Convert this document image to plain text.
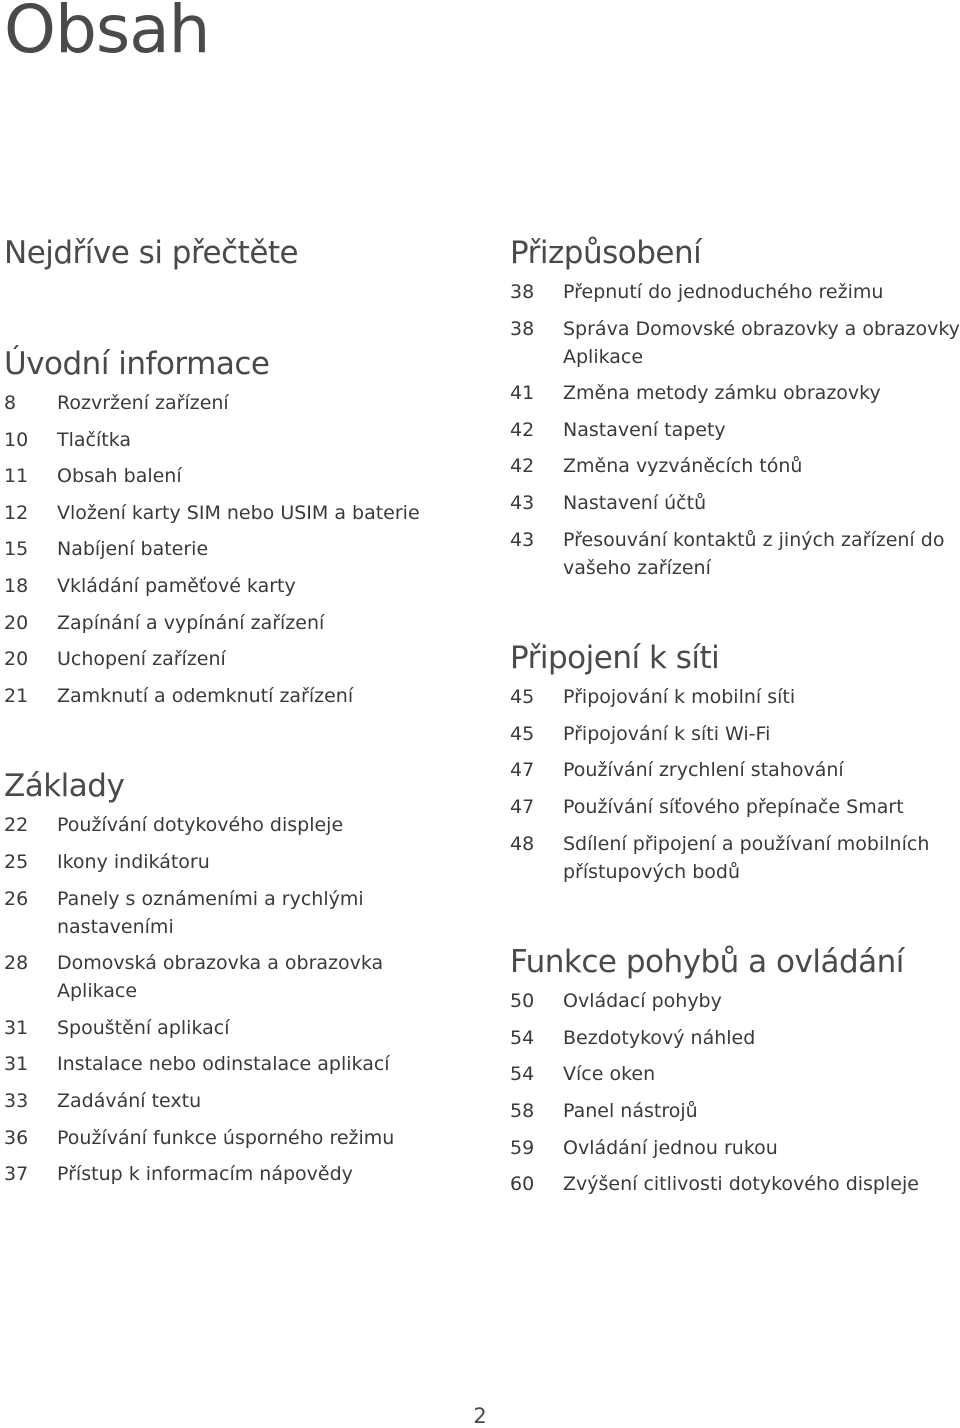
Obsah
Nejdříve si přečtěte
Úvodní informace
8	Rozvržení zařízení
10	Tlačítka
11	Obsah balení
12	Vložení karty SIM nebo USIM a baterie
15	Nabíjení baterie
18	Vkládání paměťové karty
20	Zapínání a vypínání zařízení
20	Uchopení zařízení
21	Zamknutí a odemknutí zařízení
Základy
22	Používání dotykového displeje
25	Ikony indikátoru
26	Panely s oznámeními a rychlými nastaveními
28	Domovská obrazovka a obrazovka Aplikace
31	Spouštění aplikací
31	Instalace nebo odinstalace aplikací
33	Zadávání textu
36	Používání funkce úsporného režimu
37	Přístup k informacím nápovědy
Přizpůsobení
38	Přepnutí do jednoduchého režimu
38	Správa Domovské obrazovky a obrazovky Aplikace
41	Změna metody zámku obrazovky
42	Nastavení tapety
42	Změna vyzváněcích tónů
43	Nastavení účtů
43	Přesouvání kontaktů z jiných zařízení do vašeho zařízení
Připojení k síti
45	Připojování k mobilní síti
45	Připojování k síti Wi-Fi
47	Používání zrychlení stahování
47	Používání síťového přepínače Smart
48	Sdílení připojení a používaní mobilních přístupových bodů
Funkce pohybů a ovládání
50	Ovládací pohyby
54	Bezdotykový náhled
54	Více oken
58	Panel nástrojů
59	Ovládání jednou rukou
60	Zvýšení citlivosti dotykového displeje
2
